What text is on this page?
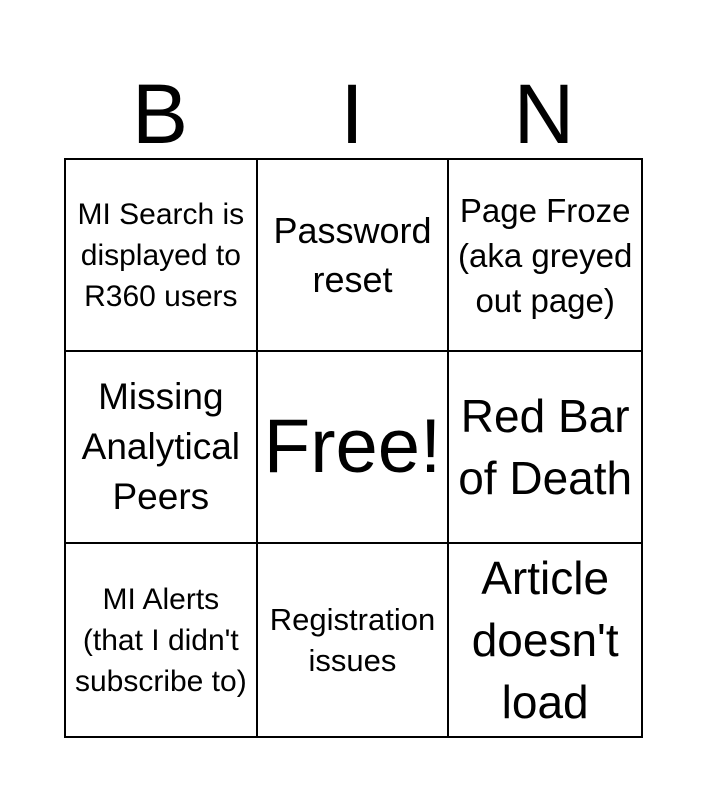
B	I	N
MI Search is displayed to R360 users
Password reset
Page Froze (aka greyed out page)
Missing Analytical Peers
Free! Red Bar of Death
MI Alerts (that I didn't subscribe to)
Registration issues
Article doesn't load
